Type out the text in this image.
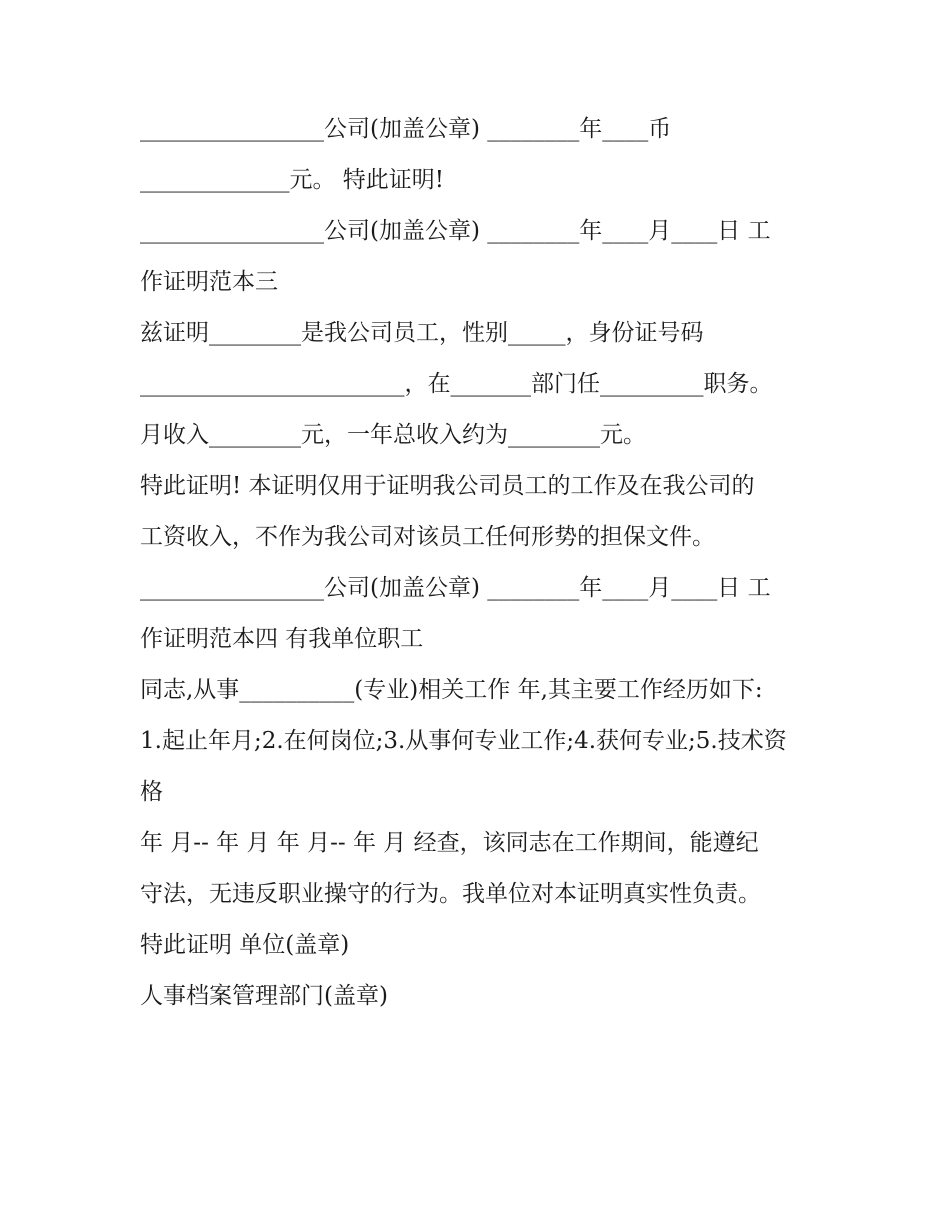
________________公司(加盖公章) ________年____币
_____________元。 特此证明!
________________公司(加盖公章) ________年____月____日 工
作证明范本三
兹证明________是我公司员工，性别_____，身份证号码
_______________________，在_______部门任_________职务。
月收入________元，一年总收入约为________元。
特此证明! 本证明仅用于证明我公司员工的工作及在我公司的
工资收入，不作为我公司对该员工任何形势的担保文件。
________________公司(加盖公章) ________年____月____日 工
作证明范本四 有我单位职工
同志,从事__________(专业)相关工作 年,其主要工作经历如下:
1.起止年月;2.在何岗位;3.从事何专业工作;4.获何专业;5.技术资
格
年 月-- 年 月 年 月-- 年 月 经查，该同志在工作期间，能遵纪
守法，无违反职业操守的行为。我单位对本证明真实性负责。
特此证明 单位(盖章)
人事档案管理部门(盖章)
